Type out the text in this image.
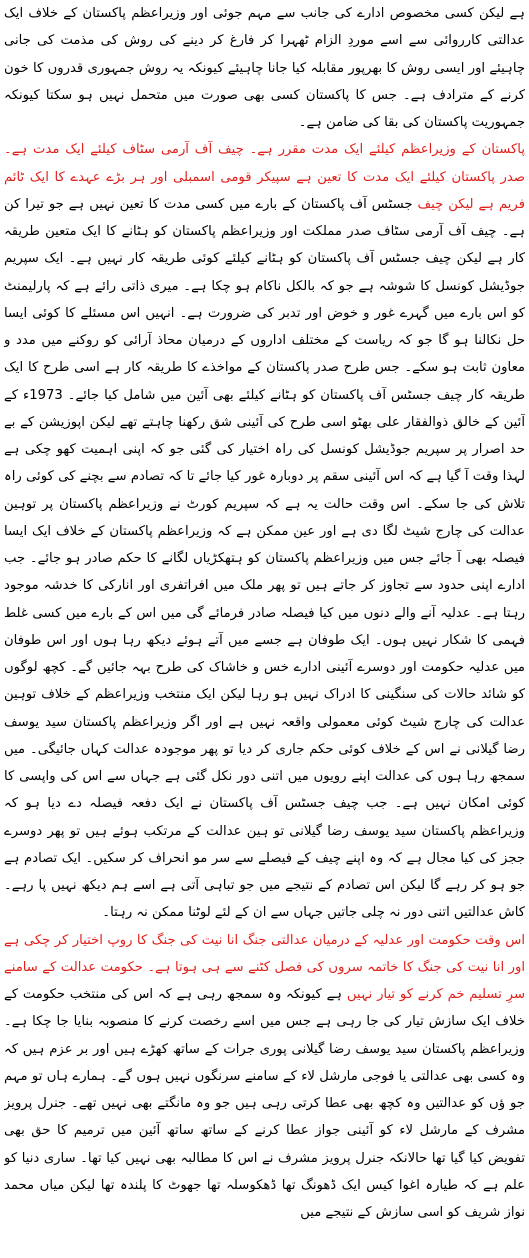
ہے لیکن کسی مخصوص ادارے کی جانب سے مہم جوئی اور وزیراعظم پاکستان کے خلاف ایک عدالتی کارروائی سے اسے موردِ الزام ٹھہرا کر فارغ کر دینے کی روش کی مذمت کی جانی چاہیئے اور ایسی روش کا بھرپور مقابلہ کیا جانا چاہیئے کیونکہ یہ روش جمہوری قدروں کا خون کرنے کے مترادف ہے۔ جس کا پاکستان کسی بھی صورت میں متحمل نہیں ہو سکتا کیونکہ جمہوریت پاکستان کی بقا کی ضامن ہے۔

پاکستان کے وزیراعظم کیلئے ایک مدت مقرر ہے۔ چیف آف آرمی سٹاف کیلئے ایک مدت ہے۔ صدر پاکستان کیلئے ایک مدت کا تعین ہے سپیکر قومی اسمبلی اور ہر بڑے عہدے کا ایک ٹائم فریم ہے لیکن چیف جسٹس آف پاکستان کے بارے میں کسی مدت کا تعین نہیں ہے جو تیرا کن ہے۔ چیف آف آرمی سٹاف صدر مملکت اور وزیراعظم پاکستان کو ہٹانے کا ایک متعین طریقہ کار ہے لیکن چیف جسٹس آف پاکستان کو ہٹانے کیلئے کوئی طریقہ کار نہیں ہے۔ ایک سپریم جوڈیشل کونسل کا شوشہ ہے جو کہ بالکل ناکام ہو چکا ہے۔ میری ذاتی رائے ہے کہ پارلیمنٹ کو اس بارے میں گہرے غور و خوض اور تدبر کی ضرورت ہے۔ انہیں اس مسئلے کا کوئی ایسا حل نکالنا ہو گا جو کہ ریاست کے مختلف اداروں کے درمیان محاذ آرائی کو روکنے میں مدد و معاون ثابت ہو سکے۔ جس طرح صدر پاکستان کے مواخذے کا طریقہ کار ہے اسی طرح کا ایک طریقہ کار چیف جسٹس آف پاکستان کو ہٹانے کیلئے بھی آئین میں شامل کیا جائے۔ 1973ء کے آئین کے خالق ذوالفقار علی بھٹو اسی طرح کی آئینی شق رکھنا چاہتے تھے لیکن اپوزیشن کے بے حد اصرار پر سپریم جوڈیشل کونسل کی راہ اختیار کی گئی جو کہ اپنی اہمیت کھو چکی ہے لہذا وقت آ گیا ہے کہ اس آئینی سقم پر دوبارہ غور کیا جائے تا کہ تصادم سے بچنے کی کوئی راہ تلاش کی جا سکے۔ اس وقت حالت یہ ہے کہ سپریم کورٹ نے وزیراعظم پاکستان پر توہین عدالت کی چارج شیٹ لگا دی ہے اور عین ممکن ہے کہ وزیراعظم پاکستان کے خلاف ایک ایسا فیصلہ بھی آ جائے جس میں وزیراعظم پاکستان کو ہتھکڑیاں لگانے کا حکم صادر ہو جائے۔ جب ادارے اپنی حدود سے تجاوز کر جاتے ہیں تو پھر ملک میں افراتفری اور انارکی کا خدشہ موجود رہتا ہے۔ عدلیہ آنے والے دنوں میں کیا فیصلہ صادر فرمائے گی میں اس کے بارے میں کسی غلط فہمی کا شکار نہیں ہوں۔ ایک طوفان ہے جسے میں آتے ہوئے دیکھ رہا ہوں اور اس طوفان میں عدلیہ حکومت اور دوسرے آئینی ادارے خس و خاشاک کی طرح بہہ جائیں گے۔ کچھ لوگوں کو شائد حالات کی سنگینی کا ادراک نہیں ہو رہا لیکن ایک منتخب وزیراعظم کے خلاف توہین عدالت کی چارج شیٹ کوئی معمولی واقعہ نہیں ہے اور اگر وزیراعظم پاکستان سید یوسف رضا گیلانی نے اس کے خلاف کوئی حکم جاری کر دیا تو پھر موجودہ عدالت کہاں جائیگی۔ میں سمجھ رہا ہوں کی عدالت اپنے رویوں میں اتنی دور نکل گئی ہے جہاں سے اس کی واپسی کا کوئی امکان نہیں ہے۔ جب چیف جسٹس آف پاکستان نے ایک دفعہ فیصلہ دے دیا ہو کہ وزیراعظم پاکستان سید یوسف رضا گیلانی تو ہین عدالت کے مرتکب ہوئے ہیں تو پھر دوسرے ججز کی کیا مجال ہے کہ وہ اپنے چیف کے فیصلے سے سر مو انحراف کر سکیں۔ ایک تصادم ہے جو ہو کر رہے گا لیکن اس تصادم کے نتیجے میں جو تباہی آتی ہے اسے ہم دیکھ نہیں پا رہے۔ کاش عدالتیں اتنی دور نہ چلی جاتیں جہاں سے ان کے لئے لوٹنا ممکن نہ رہتا۔

اس وقت حکومت اور عدلیہ کے درمیان عدالتی جنگ انا نیت کی جنگ کا روپ اختیار کر چکی ہے اور انا نیت کی جنگ کا خاتمہ سروں کی فصل کٹنے سے ہی ہوتا ہے۔ حکومت عدالت کے سامنے سرِ تسلیم خم کرنے کو تیار نہیں ہے کیونکہ وہ سمجھ رہی ہے کہ اس کی منتخب حکومت کے خلاف ایک سازش تیار کی جا رہی ہے جس میں اسے رخصت کرنے کا منصوبہ بنایا جا چکا ہے۔ وزیراعظم پاکستان سید یوسف رضا گیلانی پوری جرات کے ساتھ کھڑے ہیں اور بر عزم ہیں کہ وہ کسی بھی عدالتی یا فوجی مارشل لاء کے سامنے سرنگوں نہیں ہوں گے۔ ہمارے ہاں تو مہم جو ؤں کو عدالتیں وہ کچھ بھی عطا کرتی رہی ہیں جو وہ مانگتے بھی نہیں تھے۔ جنرل پرویز مشرف کے مارشل لاء کو آئینی جواز عطا کرنے کے ساتھ ساتھ آئین میں ترمیم کا حق بھی تفویض کیا گیا تھا حالانکہ جنرل پرویز مشرف نے اس کا مطالبہ بھی نہیں کیا تھا۔ ساری دنیا کو علم ہے کہ طیارہ اغوا کیس ایک ڈھونگ تھا ڈھکوسلہ تھا جھوٹ کا پلندہ تھا لیکن میاں محمد نواز شریف کو اسی سازش کے نتیجے میں
